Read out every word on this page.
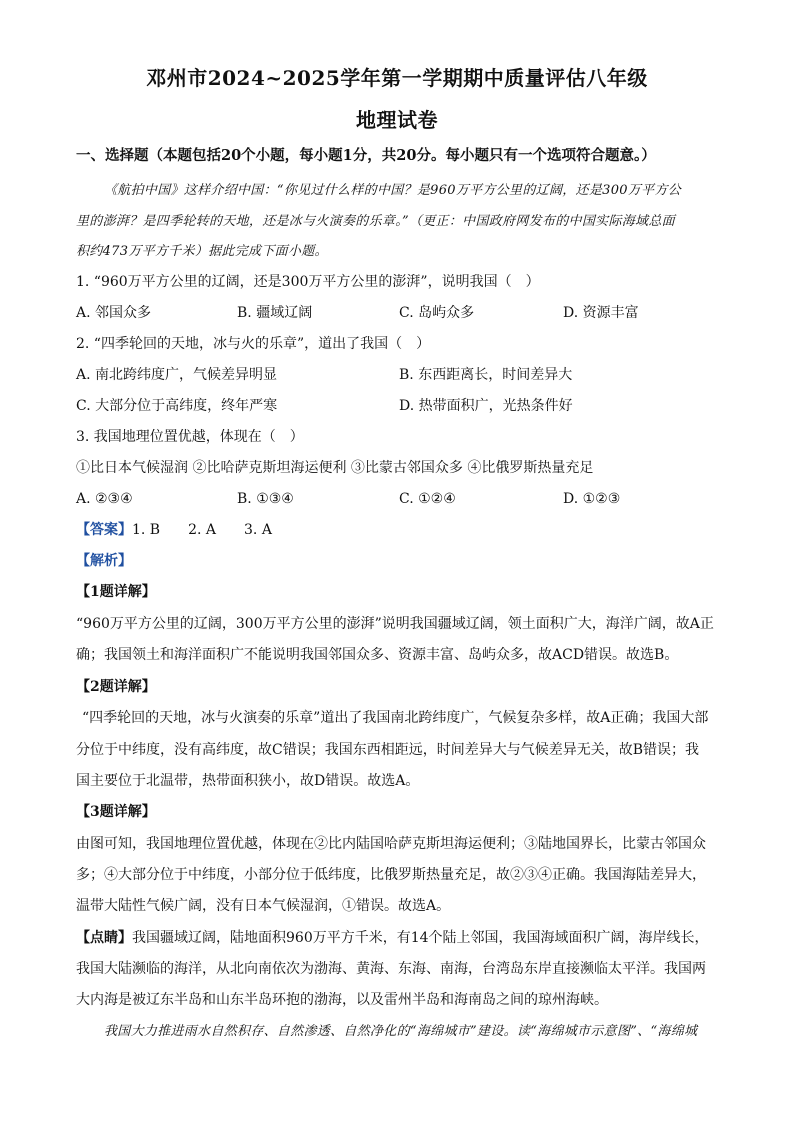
邓州市2024~2025学年第一学期期中质量评估八年级
地理试卷
一、选择题（本题包括20个小题，每小题1分，共20分。每小题只有一个选项符合题意。）
《航拍中国》这样介绍中国：“你见过什么样的中国？是960万平方公里的辽阔，还是300万平方公
里的澎湃？是四季轮转的天地，还是冰与火演奏的乐章。”（更正：中国政府网发布的中国实际海域总面
积约473万平方千米）据此完成下面小题。
1. “960万平方公里的辽阔，还是300万平方公里的澎湃”，说明我国（　）
A. 邻国众多	B. 疆域辽阔	C. 岛屿众多	D. 资源丰富
2. “四季轮回的天地，冰与火的乐章”，道出了我国（　）
A. 南北跨纬度广，气候差异明显	B. 东西距离长，时间差异大
C. 大部分位于高纬度，终年严寒	D. 热带面积广，光热条件好
3. 我国地理位置优越，体现在（　）
①比日本气候湿润 ②比哈萨克斯坦海运便利 ③比蒙古邻国众多 ④比俄罗斯热量充足
A. ②③④	B. ①③④	C. ①②④	D. ①②③
【答案】1. B　　2. A　　3. A
【解析】
【1题详解】
“960万平方公里的辽阔，300万平方公里的澎湃”说明我国疆域辽阔，领土面积广大，海洋广阔，故A正
确；我国领土和海洋面积广不能说明我国邻国众多、资源丰富、岛屿众多，故ACD错误。故选B。
【2题详解】
“四季轮回的天地，冰与火演奏的乐章”道出了我国南北跨纬度广，气候复杂多样，故A正确；我国大部
分位于中纬度，没有高纬度，故C错误；我国东西相距远，时间差异大与气候差异无关，故B错误；我
国主要位于北温带，热带面积狭小，故D错误。故选A。
【3题详解】
由图可知，我国地理位置优越，体现在②比内陆国哈萨克斯坦海运便利；③陆地国界长，比蒙古邻国众
多；④大部分位于中纬度，小部分位于低纬度，比俄罗斯热量充足，故②③④正确。我国海陆差异大，
温带大陆性气候广阔，没有日本气候湿润，①错误。故选A。
【点睛】我国疆域辽阔，陆地面积960万平方千米，有14个陆上邻国，我国海域面积广阔，海岸线长，
我国大陆濒临的海洋，从北向南依次为渤海、黄海、东海、南海，台湾岛东岸直接濒临太平洋。我国两
大内海是被辽东半岛和山东半岛环抱的渤海，以及雷州半岛和海南岛之间的琼州海峡。
我国大力推进雨水自然积存、自然渗透、自然净化的“海绵城市”建设。读“海绵城市示意图”、“海绵城
